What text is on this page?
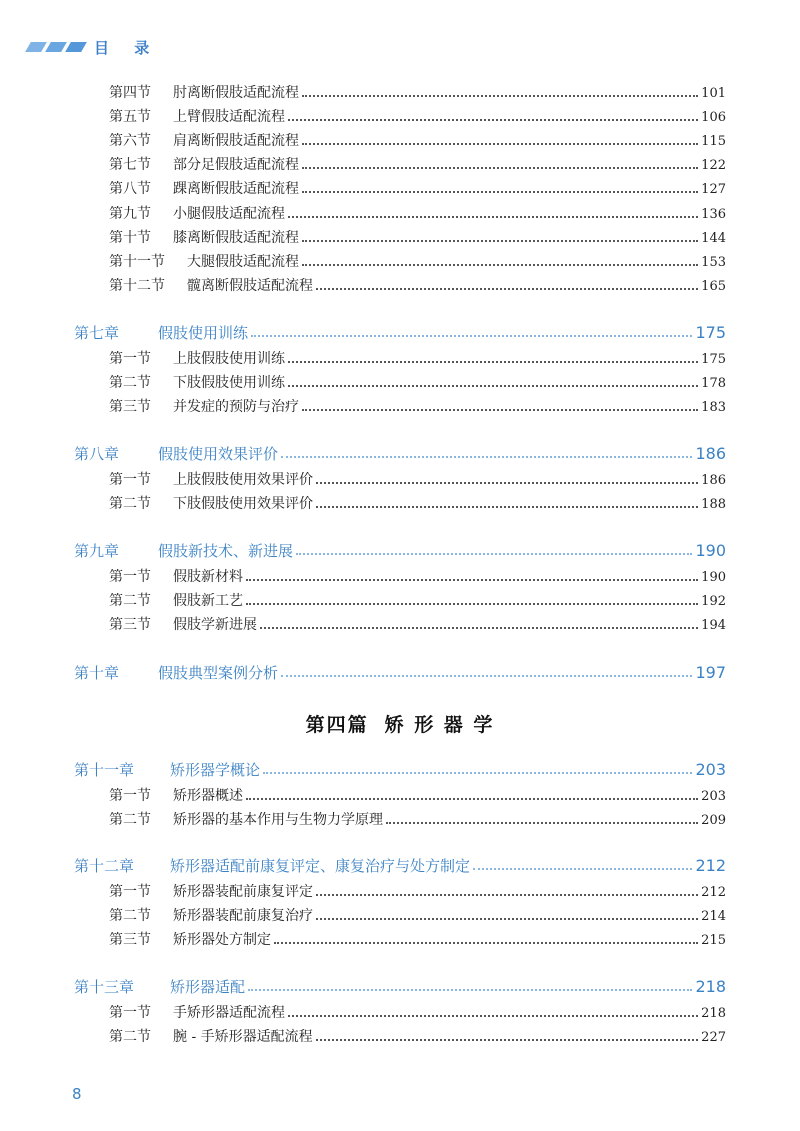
目 录
第四节	肘离断假肢适配流程	101
第五节	上臂假肢适配流程	106
第六节	肩离断假肢适配流程	115
第七节	部分足假肢适配流程	122
第八节	踝离断假肢适配流程	127
第九节	小腿假肢适配流程	136
第十节	膝离断假肢适配流程	144
第十一节	大腿假肢适配流程	153
第十二节	髋离断假肢适配流程	165
第七章	假肢使用训练	175
第一节	上肢假肢使用训练	175
第二节	下肢假肢使用训练	178
第三节	并发症的预防与治疗	183
第八章	假肢使用效果评价	186
第一节	上肢假肢使用效果评价	186
第二节	下肢假肢使用效果评价	188
第九章	假肢新技术、新进展	190
第一节	假肢新材料	190
第二节	假肢新工艺	192
第三节	假肢学新进展	194
第十章	假肢典型案例分析	197
第四篇 矫 形 器 学
第十一章	矫形器学概论	203
第一节	矫形器概述	203
第二节	矫形器的基本作用与生物力学原理	209
第十二章	矫形器适配前康复评定、康复治疗与处方制定	212
第一节	矫形器装配前康复评定	212
第二节	矫形器装配前康复治疗	214
第三节	矫形器处方制定	215
第十三章	矫形器适配	218
第一节	手矫形器适配流程	218
第二节	腕 - 手矫形器适配流程	227
8
